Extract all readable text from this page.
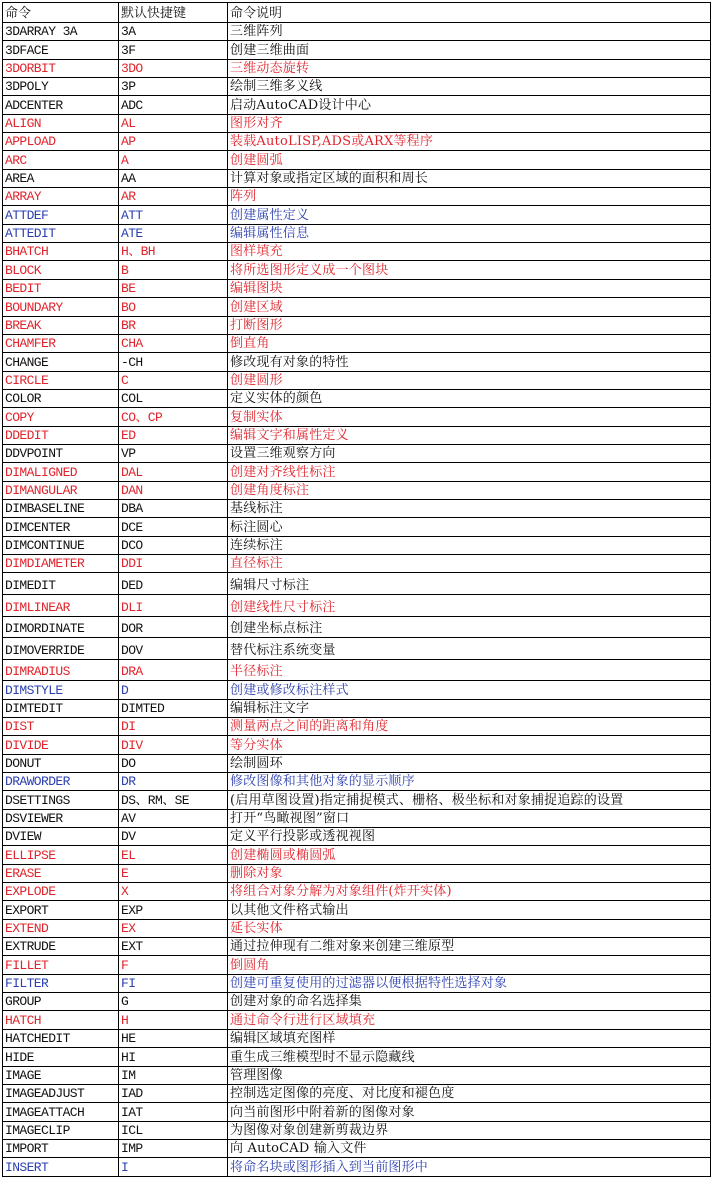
命令	默认快捷键	命令说明
3DARRAY 3A	3A	三维阵列
3DFACE	3F	创建三维曲面
3DORBIT	3DO	三维动态旋转
3DPOLY	3P	绘制三维多义线
ADCENTER	ADC	启动AutoCAD设计中心
ALIGN	AL	图形对齐
APPLOAD	AP	装载AutoLISP,ADS或ARX等程序
ARC	A	创建圆弧
AREA	AA	计算对象或指定区域的面积和周长
ARRAY	AR	阵列
ATTDEF	ATT	创建属性定义
ATTEDIT	ATE	编辑属性信息
BHATCH	H、BH	图样填充
BLOCK	B	将所选图形定义成一个图块
BEDIT	BE	编辑图块
BOUNDARY	BO	创建区域
BREAK	BR	打断图形
CHAMFER	CHA	倒直角
CHANGE	-CH	修改现有对象的特性
CIRCLE	C	创建圆形
COLOR	COL	定义实体的颜色
COPY	CO、CP	复制实体
DDEDIT	ED	编辑文字和属性定义
DDVPOINT	VP	设置三维观察方向
DIMALIGNED	DAL	创建对齐线性标注
DIMANGULAR	DAN	创建角度标注
DIMBASELINE	DBA	基线标注
DIMCENTER	DCE	标注圆心
DIMCONTINUE	DCO	连续标注
DIMDIAMETER	DDI	直径标注
DIMEDIT	DED	编辑尺寸标注
DIMLINEAR	DLI	创建线性尺寸标注
DIMORDINATE	DOR	创建坐标点标注
DIMOVERRIDE	DOV	替代标注系统变量
DIMRADIUS	DRA	半径标注
DIMSTYLE	D	创建或修改标注样式
DIMTEDIT	DIMTED	编辑标注文字
DIST	DI	测量两点之间的距离和角度
DIVIDE	DIV	等分实体
DONUT	DO	绘制圆环
DRAWORDER	DR	修改图像和其他对象的显示顺序
DSETTINGS	DS、RM、SE	(启用草图设置)指定捕捉模式、栅格、极坐标和对象捕捉追踪的设置
DSVIEWER	AV	打开“鸟瞰视图”窗口
DVIEW	DV	定义平行投影或透视视图
ELLIPSE	EL	创建椭圆或椭圆弧
ERASE	E	删除对象
EXPLODE	X	将组合对象分解为对象组件(炸开实体)
EXPORT	EXP	以其他文件格式输出
EXTEND	EX	延长实体
EXTRUDE	EXT	通过拉伸现有二维对象来创建三维原型
FILLET	F	倒圆角
FILTER	FI	创建可重复使用的过滤器以便根据特性选择对象
GROUP	G	创建对象的命名选择集
HATCH	H	通过命令行进行区域填充
HATCHEDIT	HE	编辑区域填充图样
HIDE	HI	重生成三维模型时不显示隐藏线
IMAGE	IM	管理图像
IMAGEADJUST	IAD	控制选定图像的亮度、对比度和褪色度
IMAGEATTACH	IAT	向当前图形中附着新的图像对象
IMAGECLIP	ICL	为图像对象创建新剪裁边界
IMPORT	IMP	向 AutoCAD 输入文件
INSERT	I	将命名块或图形插入到当前图形中
